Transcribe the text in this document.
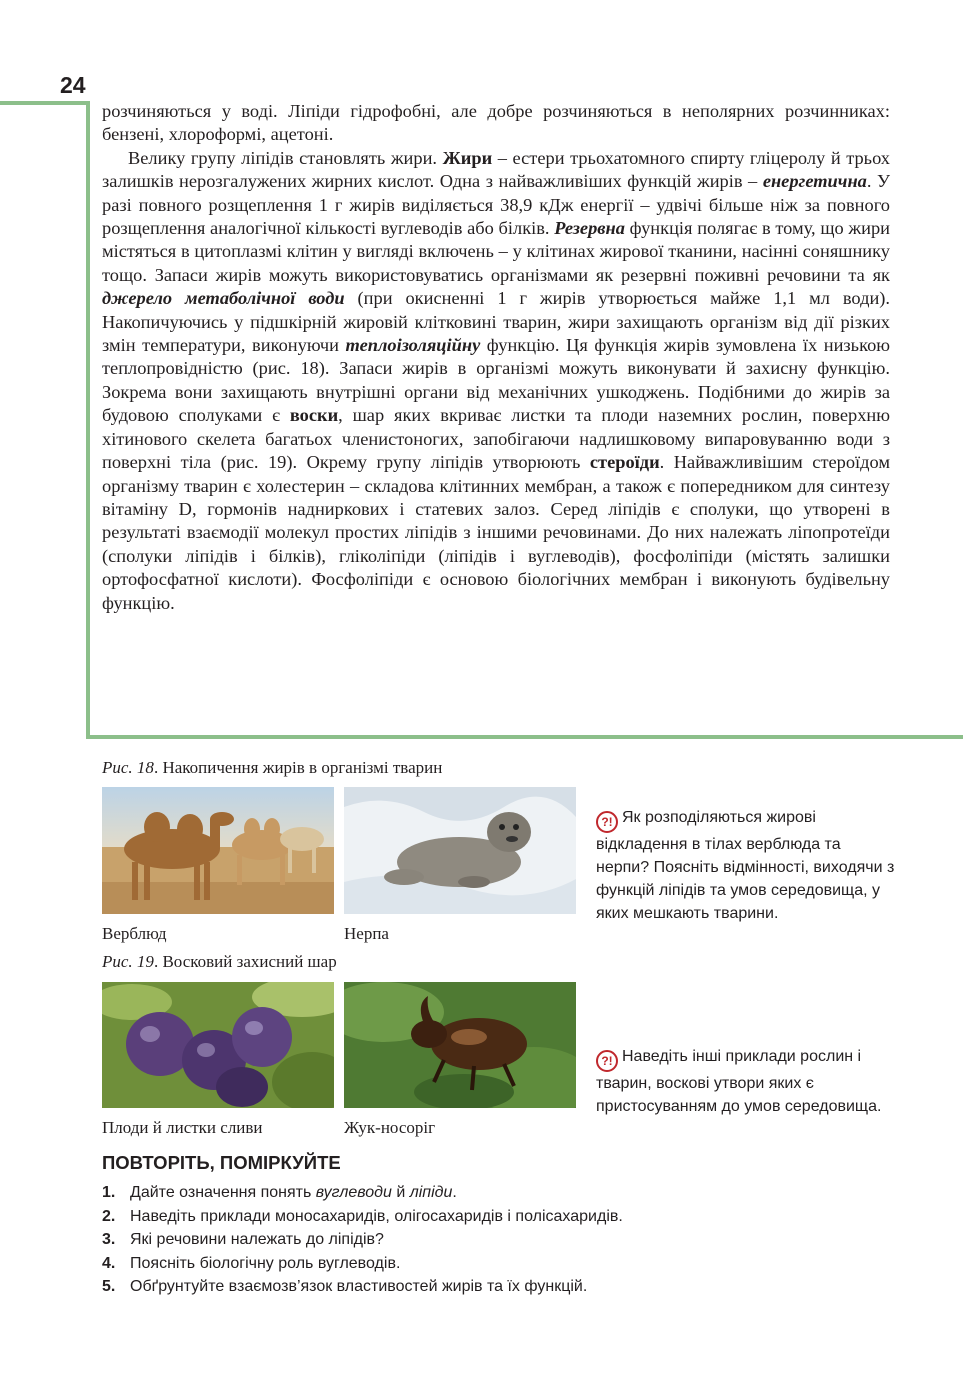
24

розчиняються у воді. Ліпіди гідрофобні, але добре розчиняються в неполярних розчинниках: бензені, хлороформі, ацетоні.

Велику групу ліпідів становлять жири. Жири – естери трьохатомного спирту гліцеролу й трьох залишків нерозгалужених жирних кислот. Одна з найважливіших функцій жирів – енергетична. У разі повного розщеплення 1 г жирів виділяється 38,9 кДж енергії – удвічі більше ніж за повного розщеплення аналогічної кількості вуглеводів або білків. Резервна функція полягає в тому, що жири містяться в цитоплазмі клітин у вигляді включень – у клітинах жирової тканини, насінні соняшнику тощо. Запаси жирів можуть використовуватись організмами як резервні поживні речовини та як джерело метаболічної води (при окисненні 1 г жирів утворюється майже 1,1 мл води). Накопичуючись у підшкірній жировій клітковині тварин, жири захищають організм від дії різких змін температури, виконуючи теплоізоляційну функцію. Ця функція жирів зумовлена їх низькою теплопровідністю (рис. 18). Запаси жирів в організмі можуть виконувати й захисну функцію. Зокрема вони захищають внутрішні органи від механічних ушкоджень. Подібними до жирів за будовою сполуками є воски, шар яких вкриває листки та плоди наземних рослин, поверхню хітинового скелета багатьох членистоногих, запобігаючи надлишковому випаровуванню води з поверхні тіла (рис. 19). Окрему групу ліпідів утворюють стероїди. Найважливішим стероїдом організму тварин є холестерин – складова клітинних мембран, а також є попередником для синтезу вітаміну D, гормонів надниркових і статевих залоз. Серед ліпідів є сполуки, що утворені в результаті взаємодії молекул простих ліпідів з іншими речовинами. До них належать ліпопротеїди (сполуки ліпідів і білків), гліколіпіди (ліпідів і вуглеводів), фосфоліпіди (містять залишки ортофосфатної кислоти). Фосфоліпіди є основою біологічних мембран і виконують будівельну функцію.

Рис. 18. Накопичення жирів в організмі тварин
Верблюд	Нерпа
?! Як розподіляються жирові відкладення в тілах верблюда та нерпи? Поясніть відмінності, виходячи з функцій ліпідів та умов середовища, у яких мешкають тварини.
Рис. 19. Восковий захисний шар
Плоди й листки сливи	Жук-носоріг
?! Наведіть інші приклади рослин і тварин, воскові утвори яких є пристосуванням до умов середовища.
ПОВТОРІТЬ, ПОМІРКУЙТЕ
1. Дайте означення понять вуглеводи й ліпіди.
2. Наведіть приклади моносахаридів, олігосахаридів і полісахаридів.
3. Які речовини належать до ліпідів?
4. Поясніть біологічну роль вуглеводів.
5. Обґрунтуйте взаємозв’язок властивостей жирів та їх функцій.
